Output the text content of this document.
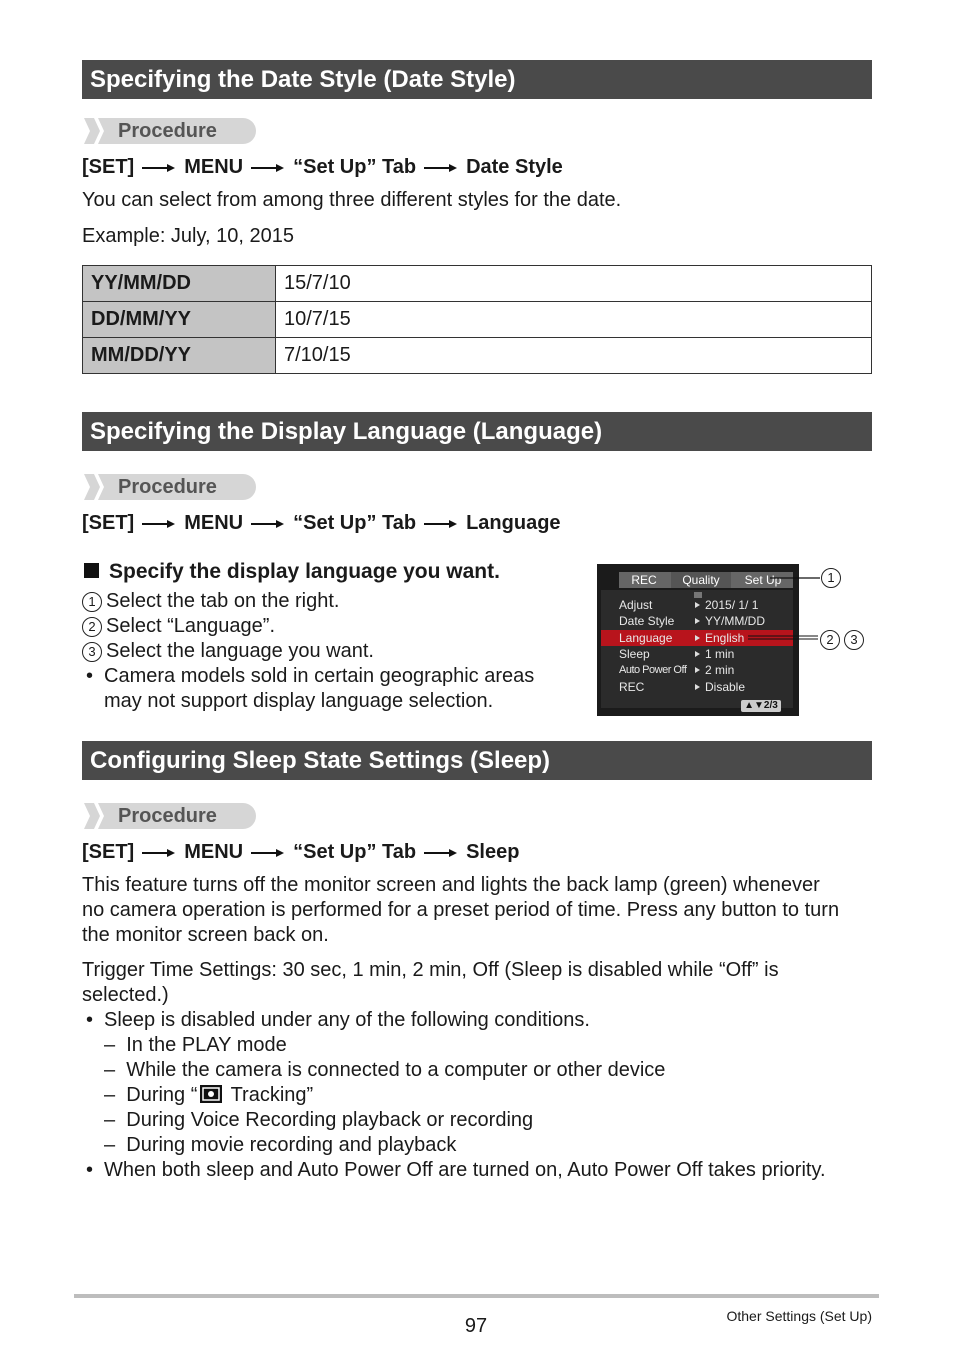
Specifying the Date Style (Date Style)
Procedure
[SET]	MENU	“Set Up” Tab	Date Style
You can select from among three different styles for the date.
Example: July, 10, 2015
YY/MM/DD	15/7/10
DD/MM/YY	10/7/15
MM/DD/YY	7/10/15
Specifying the Display Language (Language)
Procedure
[SET]	MENU	“Set Up” Tab	Language
Specify the display language you want.
1 Select the tab on the right.
2 Select “Language”.
3 Select the language you want.
• Camera models sold in certain geographic areas
may not support display language selection.
REC	Quality	Set Up
Adjust	2015/ 1/ 1
Date Style	YY/MM/DD
Language	English
Sleep	1 min
Auto Power Off 2 min
REC	Disable
▲▼2/3
1
2 3
Configuring Sleep State Settings (Sleep)
Procedure
[SET]	MENU	“Set Up” Tab	Sleep
This feature turns off the monitor screen and lights the back lamp (green) whenever
no camera operation is performed for a preset period of time. Press any button to turn
the monitor screen back on.
Trigger Time Settings: 30 sec, 1 min, 2 min, Off (Sleep is disabled while “Off” is
selected.)
• Sleep is disabled under any of the following conditions.
–  In the PLAY mode
–  While the camera is connected to a computer or other device
–  During “ Tracking”
–  During Voice Recording playback or recording
–  During movie recording and playback
• When both sleep and Auto Power Off are turned on, Auto Power Off takes priority.
97	Other Settings (Set Up)
